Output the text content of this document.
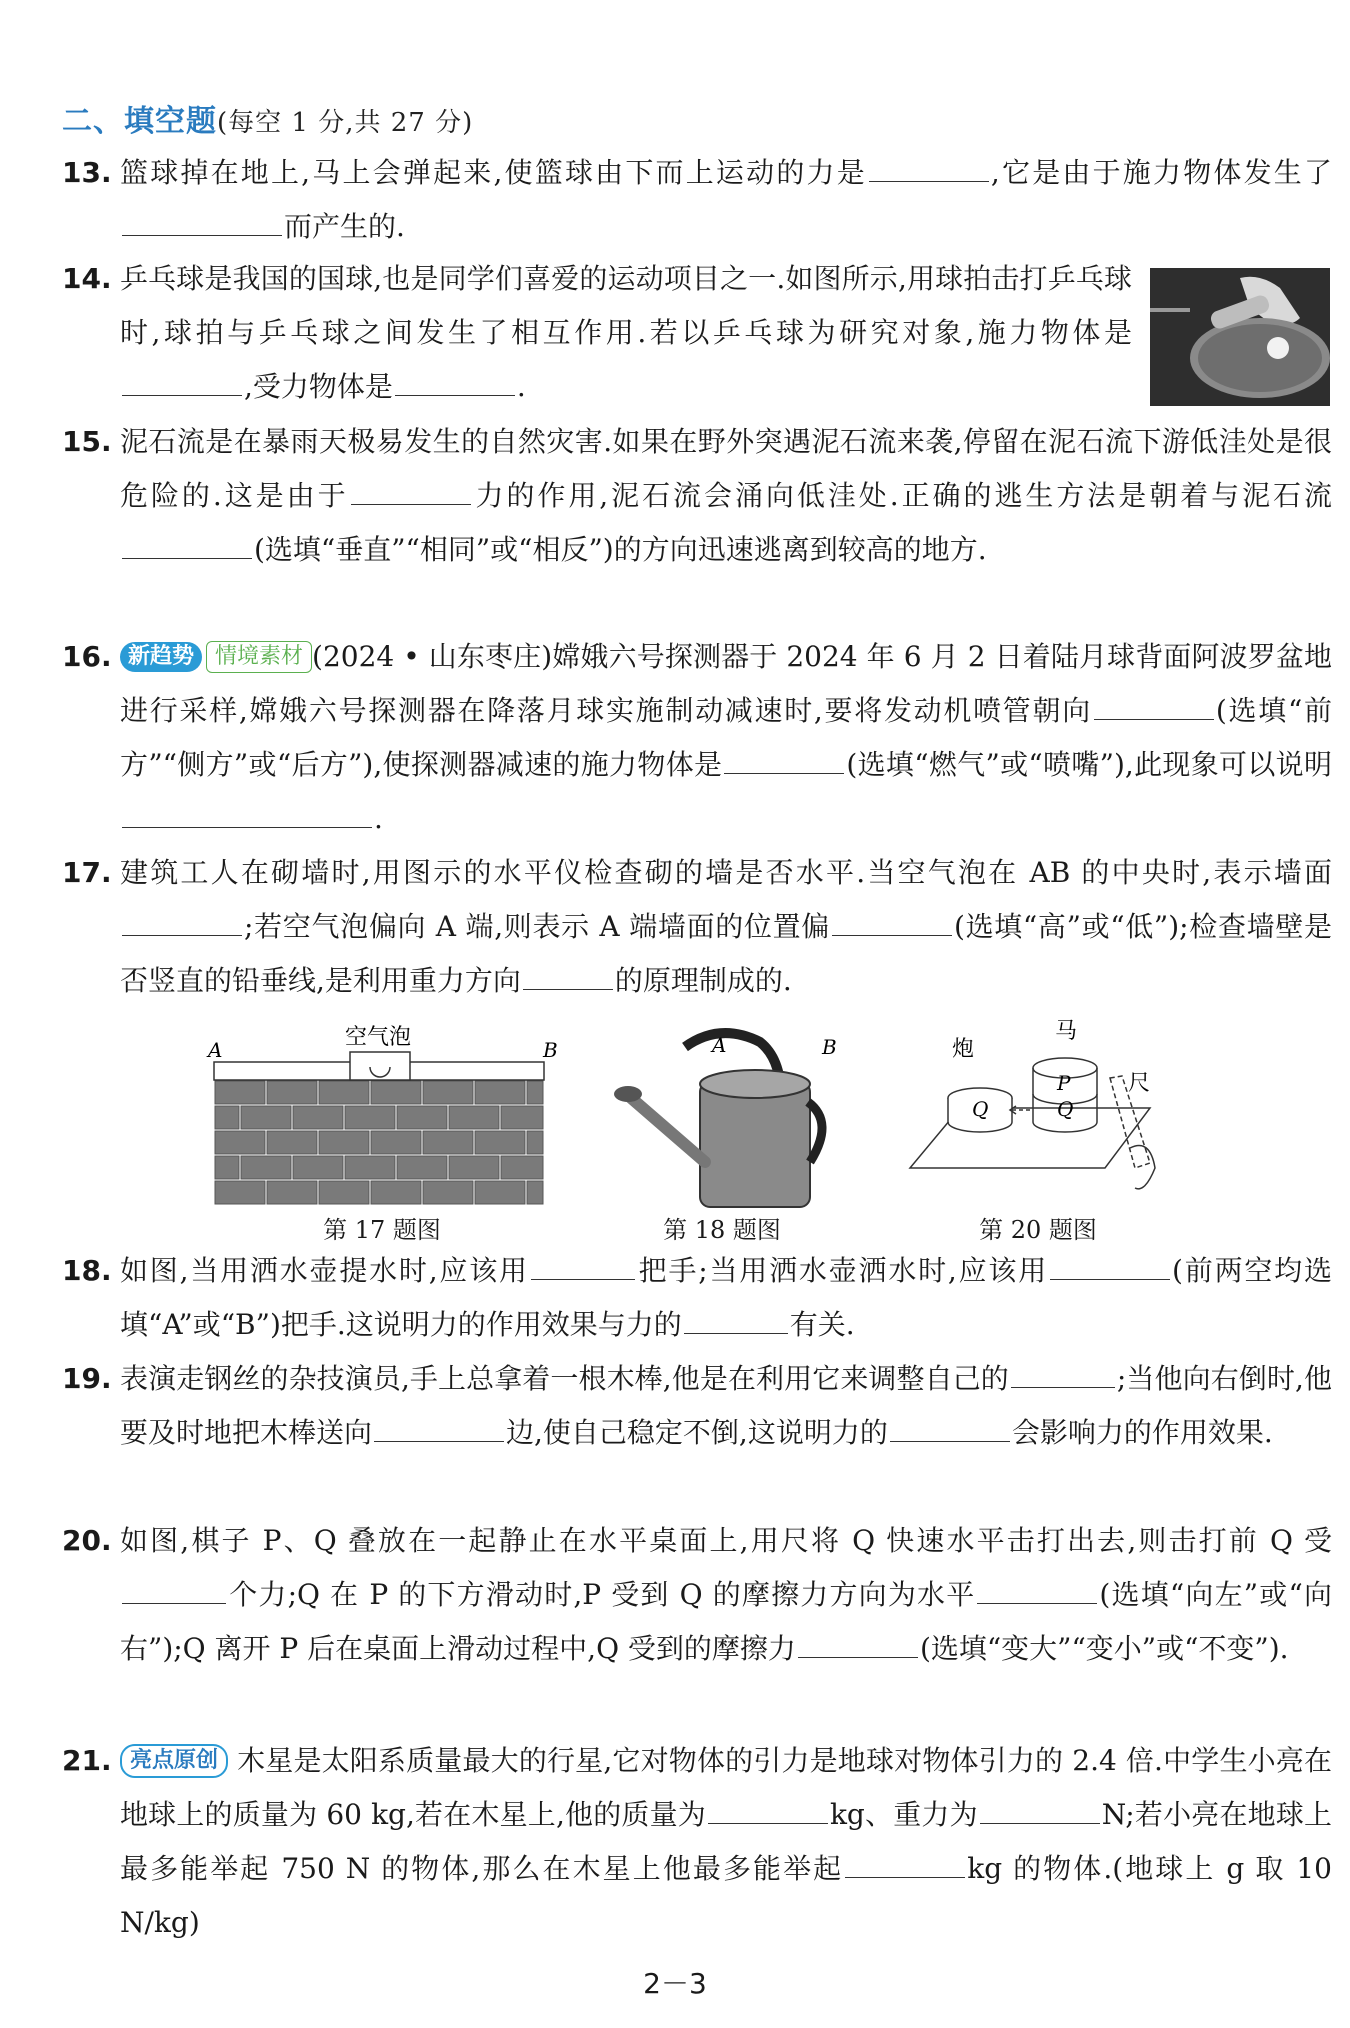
二、填空题(每空 1 分,共 27 分)
13. 篮球掉在地上,马上会弹起来,使篮球由下而上运动的力是	,它是由于施力物体发生了而产生的.
14. 乒乓球是我国的国球,也是同学们喜爱的运动项目之一.如图所示,用球拍击打乒乓球时,球拍与乒乓球之间发生了相互作用.若以乒乓球为研究对象,施力物体是,受力物体是	.
15. 泥石流是在暴雨天极易发生的自然灾害.如果在野外突遇泥石流来袭,停留在泥石流下游低洼处是很危险的.这是由于	力的作用,泥石流会涌向低洼处.正确的逃生方法是朝着与泥石流(选填“垂直”“相同”或“相反”)的方向迅速逃离到较高的地方.
16. 新趋势 情境素材 (2024 • 山东枣庄)嫦娥六号探测器于 2024 年 6 月 2 日着陆月球背面阿波罗盆地进行采样,嫦娥六号探测器在降落月球实施制动减速时,要将发动机喷管朝向	(选填“前方”“侧方”或“后方”),使探测器减速的施力物体是	(选填“燃气”或“喷嘴”),此现象可以说明.
17. 建筑工人在砌墙时,用图示的水平仪检查砌的墙是否水平.当空气泡在 AB 的中央时,表示墙面;若空气泡偏向 A 端,则表示 A 端墙面的位置偏	(选填“高”或“低”);检查墙壁是否竖直的铅垂线,是利用重力方向	的原理制成的.
A	B
空气泡
第 17 题图
A	B
第 18 题图
炮
马
P
Q	Q
尺
第 20 题图
18. 如图,当用洒水壶提水时,应该用	把手;当用洒水壶洒水时,应该用	(前两空均选填“A”或“B”)把手.这说明力的作用效果与力的	有关.
19. 表演走钢丝的杂技演员,手上总拿着一根木棒,他是在利用它来调整自己的	;当他向右倒时,他要及时地把木棒送向	边,使自己稳定不倒,这说明力的	会影响力的作用效果.
20. 如图,棋子 P、Q 叠放在一起静止在水平桌面上,用尺将 Q 快速水平击打出去,则击打前 Q 受个力;Q 在 P 的下方滑动时,P 受到 Q 的摩擦力方向为水平	(选填“向左”或“向右”);Q 离开 P 后在桌面上滑动过程中,Q 受到的摩擦力	(选填“变大”“变小”或“不变”).
21. 亮点原创 木星是太阳系质量最大的行星,它对物体的引力是地球对物体引力的 2.4 倍.中学生小亮在地球上的质量为 60 kg,若在木星上,他的质量为	kg、重力为	N;若小亮在地球上最多能举起 750 N 的物体,那么在木星上他最多能举起	kg 的物体.(地球上 g 取 10 N/kg)
2－3
